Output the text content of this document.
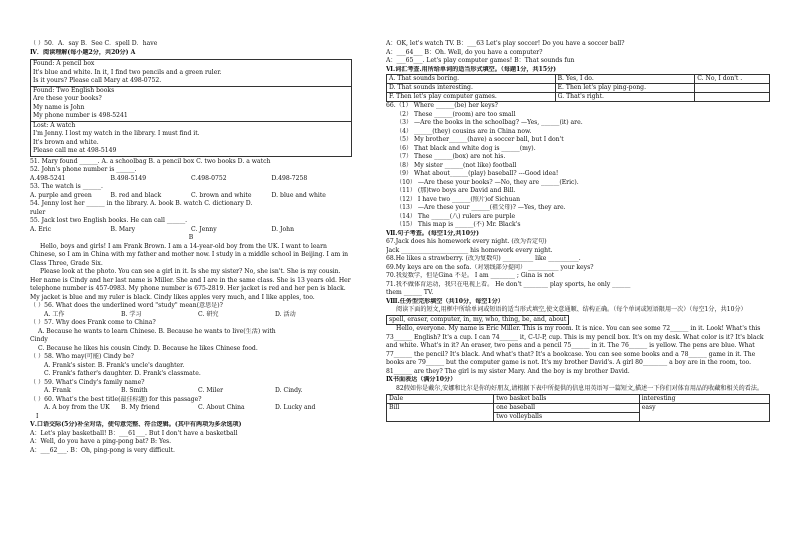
（ ）50．A．say B．See C．spell D．have
Ⅳ．阅读理解(每小题2分，共20分) A
Found: A pencil box
It's blue and white. In it, I find two pencils and a green ruler.
Is it yours? Please call Mary at 498-0752.
Found: Two English books
Are these your books?
My name is John
My phone number is 498-5241
Lost: A watch
I'm Jenny. I lost my watch in the library. I must find it.
It's brown and white.
Please call me at 498-5149
51. Mary found ______. A. a schoolbag B. a pencil box C. two books D. a watch
52. John's phone number is ______.
A.498-5241	B.498-5149	C.498-0752	D.498-7258
53. The watch is ______.
A. purple and green	B. red and black	C. brown and white	D. blue and white
54. Jenny lost her ______ in the library. A. book B. watch C. dictionary D.
ruler
55. Jack lost two English books. He can call ______.
A. Eric	B. Mary	C. Jenny	D. John
B
Hello, boys and girls! I am Frank Brown. I am a 14-year-old boy from the UK. I want to learn Chinese, so I am in China with my father and mother now. I study in a middle school in Beijing. I am in Class Three, Grade Six.
Please look at the photo. You can see a girl in it. Is she my sister? No, she isn't. She is my cousin. Her name is Cindy and her last name is Miller. She and I are in the same class. She is 13 years old. Her telephone number is 457-0983. My phone number is 675-2819. Her jacket is red and her pen is black. My jacket is blue and my ruler is black. Cindy likes apples very much, and I like apples, too.
（ ）56. What does the underlined word "study" mean(意思是)?
A. 工作	B. 学习	C. 研究	D. 活动
（ ）57. Why does Frank come to China?
A. Because he wants to learn Chinese. B. Because he wants to live(生活) with
Cindy
C. Because he likes his cousin Cindy. D. Because he likes Chinese food.
（ ）58. Who may(可能) Cindy be?
A. Frank's sister. B. Frank's uncle's daughter.
C. Frank's father's daughter. D. Frank's classmate.
（ ）59. What's Cindy's family name?
A. Frank	B. Smith	C. Miler	D. Cindy.
（ ）60. What's the best title(最佳标题) for this passage?
A. A boy from the UK	B. My friend	C. About China	D. Lucky and
I
Ⅴ.口语交际(5分)补全对话，使句意完整、符合逻辑。(其中有两项为多余选项)
A：Let's play basketball! B：___61___. But I don't have a basketball
A：Well, do you have a ping-pong bat? B: Yes.
A：___62___. B：Oh, ping-pong is very difficult.
A：OK, let's watch TV. B：___63 Let's play soccer! Do you have a soccer ball?
A：___64___ B：Oh. Well, do you have a computer?
A：___65___. Let's play computer games! B：That sounds fun
Ⅵ.词汇考查.用所给单词的适当形式填空。（每题1分，共15分)
A. That sounds boring.	B. Yes, I do.	C. No, I don't .
D. That sounds interesting.	E. Then let's play ping-pong.	
F. Then let's play computer games.	G. That's right.	
66.（1） Where ______(be) her keys?
（2） These ______(room) are too small
（3） —Are the books in the schoolbag? —Yes, ______(it) are.
（4） ______(they) cousins are in China now.
（5） My brother______(have) a soccer ball, but I don't
（6） That black and white dog is ______(my).
（7） These ______(box) are not his.
（8） My sister ______(not like) football
（9） What about______(play) baseball? ---Good idea!
（10） —Are these your books? —No, they are ______(Eric).
（11） (那)two boys are David and Bill.
（12） I have two ______(照片)of Sichuan
（13） —Are these your ______(祖父母)? —Yes, they are.
（14） The ______(八) rulers are purple
（15） This map is ______(不) Mr. Black's
Ⅶ.句子考查。(每空1分,共10分)
67.Jack does his homework every night. (改为否定句)
Jack ______________________ his homework every night.
68.He likes a strawberry. (改为复数句) __________ like __________.
69.My keys are on the sofa.（对划线部分提问） __________ your keys?
70.我爱数学，但是Gina 不是。 I am ________ ; Gina is not
71.我不做体育运动，我只在电视上看。 He don't ________ play sports, he only ______
them ______ TV.
Ⅷ.任务型完形填空（共10分，每空1分）
阅读下面的短文,用框中所给单词或短语的适当形式填空,使文意通顺、结构正确。（每个单词或短语限用一次）（每空1分，共10分）
spell, eraser, computer, in, my, who, thing, be, and, about
Hello, everyone. My name is Eric Miller. This is my room. It is nice. You can see some 72______ in it. Look! What's this 73______ English? It's a cup. I can 74______ it, C-U-P, cup. This is my pencil box. It's on my desk. What color is it? It's black and white. What's in it? An eraser, two pens and a pencil 75______ in it. The 76______ is yellow. The pens are blue. What 77______ the pencil? It's black. And what's that? It's a bookcase. You can see some books and a 78______ game in it. The books are 79______ but the computer game is not. It's my brother David's. A girl 80________ a boy are in the room, too.
81______ are they? The girl is my sister Mary. And the boy is my brother David.
Ⅸ书面表达（满分10分）
82假如你是戴尔,安娜和比尔是你的好朋友,请根据下表中所提供的信息用英语写一篇短文,描述一下你们对体育用品的收藏和相关的看法。
Dale	two basket balls	interesting
Bill	one baseball	easy
	two volleyballs	
